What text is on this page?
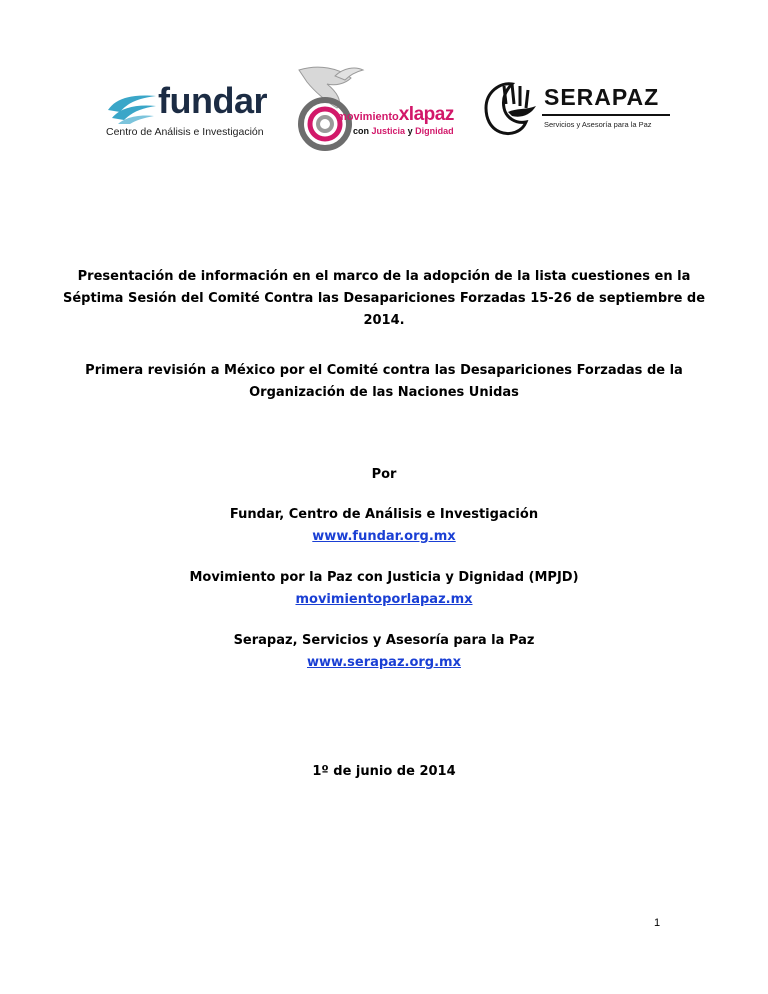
fundar
Centro de Análisis e Investigación
movimientoxlapaz
con Justicia y Dignidad
SERAPAZ
Servicios y Asesoría para la Paz

Presentación de información en el marco de la adopción de la lista cuestiones en la

Séptima Sesión del Comité Contra las Desapariciones Forzadas 15-26 de septiembre de

2014.

Primera revisión a México por el Comité contra las Desapariciones Forzadas de la

Organización de las Naciones Unidas

Por
Fundar, Centro de Análisis e Investigación
www.fundar.org.mx
Movimiento por la Paz con Justicia y Dignidad (MPJD)
movimientoporlapaz.mx
Serapaz, Servicios y Asesoría para la Paz
www.serapaz.org.mx
1º de junio de 2014
1
